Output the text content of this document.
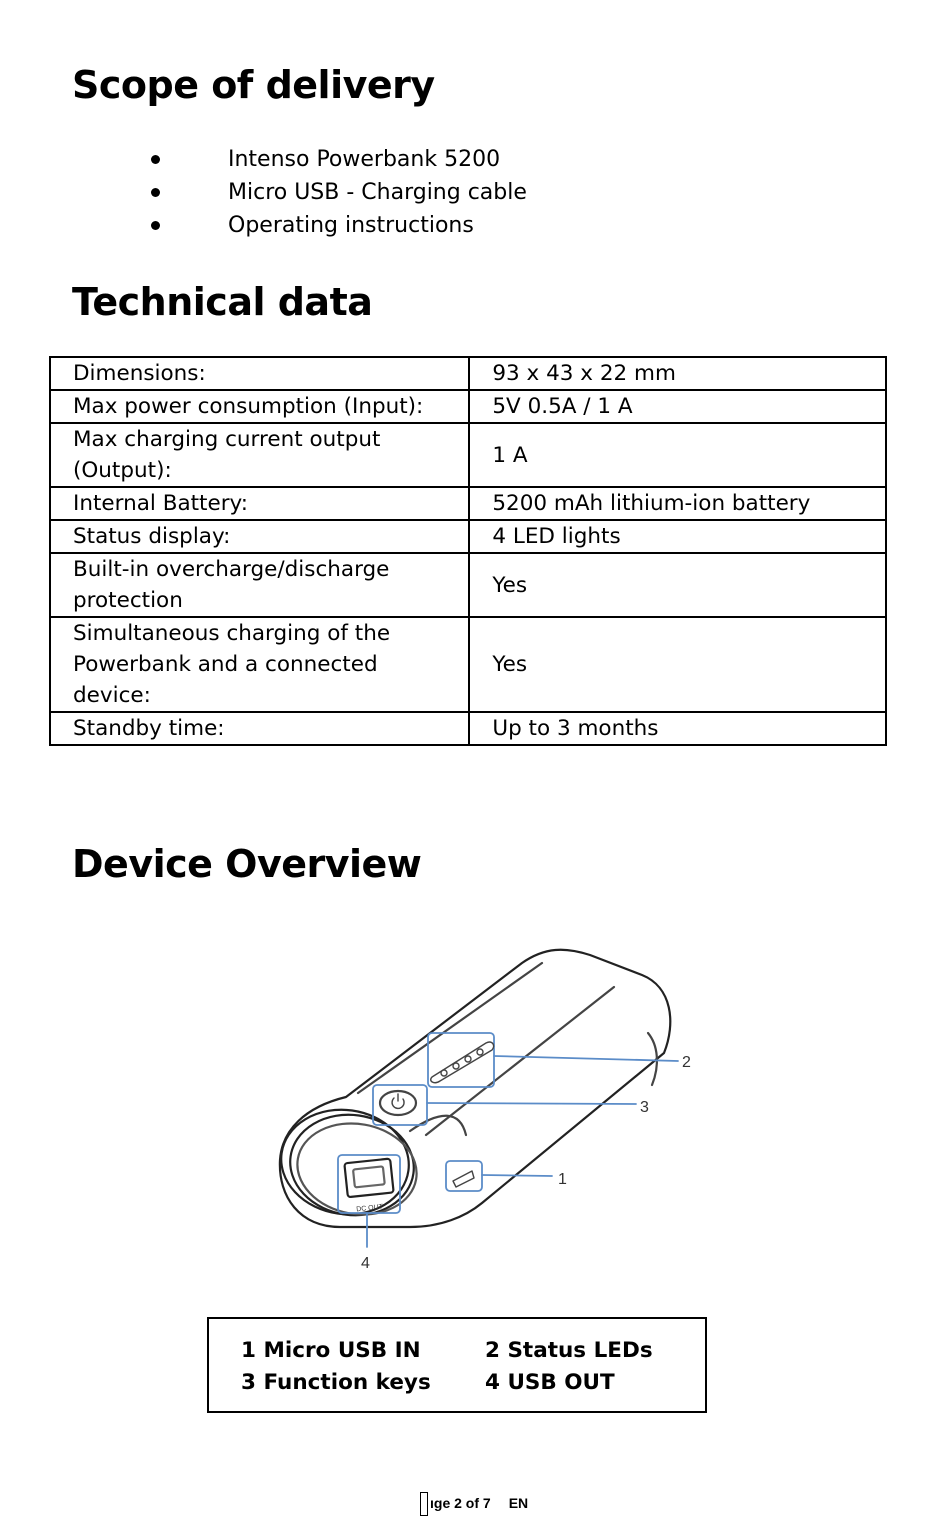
Scope of delivery
Intenso Powerbank 5200
Micro USB - Charging cable
Operating instructions
Technical data
Dimensions:	93 x 43 x 22 mm
Max power consumption (Input):	5V 0.5A / 1 A
Max charging current output (Output):	1 A
Internal Battery:	5200 mAh lithium-ion battery
Status display:	4 LED lights
Built-in overcharge/discharge protection	Yes
Simultaneous charging of the Powerbank and a connected device:	Yes
Standby time:	Up to 3 months
Device Overview
DC OUT
2
3
1
4
1 Micro USB IN	2 Status LEDs
3 Function keys	4 USB OUT
ıge 2 of 7 EN
